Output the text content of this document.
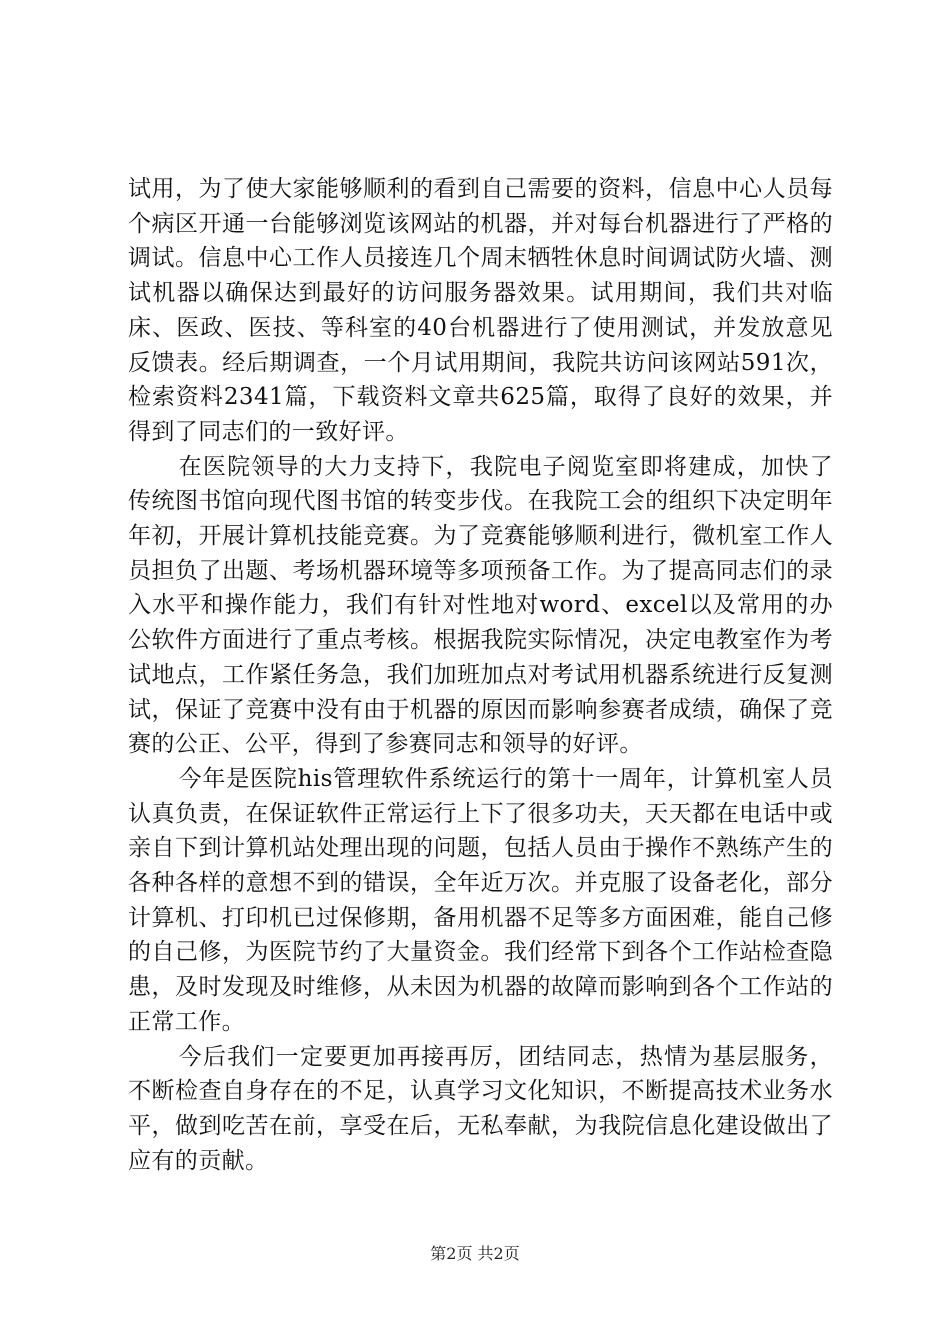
试用，为了使大家能够顺利的看到自己需要的资料，信息中心人员每个病区开通一台能够浏览该网站的机器，并对每台机器进行了严格的调试。信息中心工作人员接连几个周末牺牲休息时间调试防火墙、测试机器以确保达到最好的访问服务器效果。试用期间，我们共对临床、医政、医技、等科室的40台机器进行了使用测试，并发放意见反馈表。经后期调查，一个月试用期间，我院共访问该网站591次，检索资料2341篇，下载资料文章共625篇，取得了良好的效果，并得到了同志们的一致好评。

在医院领导的大力支持下，我院电子阅览室即将建成，加快了传统图书馆向现代图书馆的转变步伐。在我院工会的组织下决定明年年初，开展计算机技能竞赛。为了竞赛能够顺利进行，微机室工作人员担负了出题、考场机器环境等多项预备工作。为了提高同志们的录入水平和操作能力，我们有针对性地对word、excel以及常用的办公软件方面进行了重点考核。根据我院实际情况，决定电教室作为考试地点，工作紧任务急，我们加班加点对考试用机器系统进行反复测试，保证了竞赛中没有由于机器的原因而影响参赛者成绩，确保了竞赛的公正、公平，得到了参赛同志和领导的好评。

今年是医院his管理软件系统运行的第十一周年，计算机室人员认真负责，在保证软件正常运行上下了很多功夫，天天都在电话中或亲自下到计算机站处理出现的问题，包括人员由于操作不熟练产生的各种各样的意想不到的错误，全年近万次。并克服了设备老化，部分计算机、打印机已过保修期，备用机器不足等多方面困难，能自己修的自己修，为医院节约了大量资金。我们经常下到各个工作站检查隐患，及时发现及时维修，从未因为机器的故障而影响到各个工作站的正常工作。

今后我们一定要更加再接再厉，团结同志，热情为基层服务，不断检查自身存在的不足，认真学习文化知识，不断提高技术业务水平，做到吃苦在前，享受在后，无私奉献，为我院信息化建设做出了应有的贡献。

第2页 共2页
